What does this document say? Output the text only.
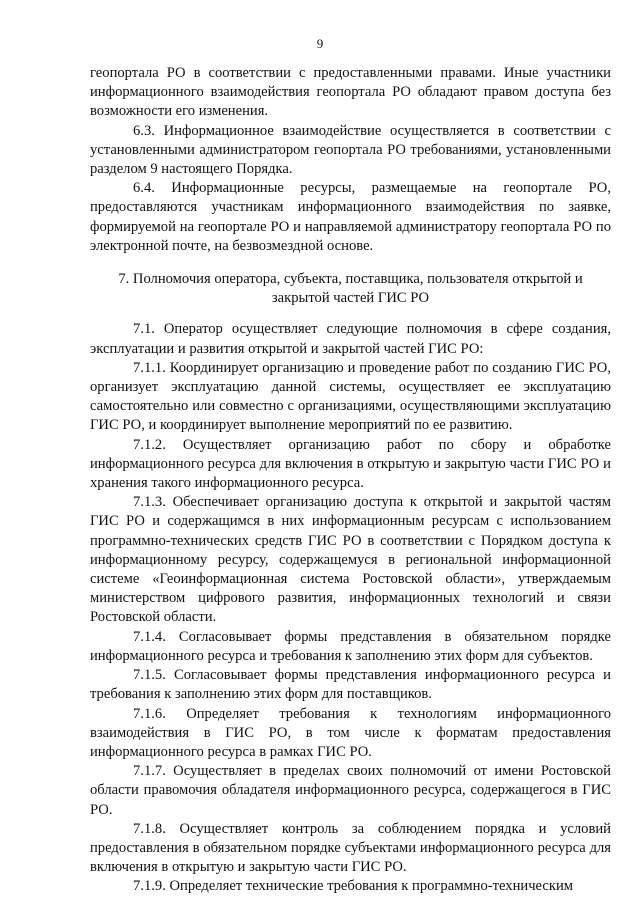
9

геопортала РО в соответствии с предоставленными правами. Иные участники информационного взаимодействия геопортала РО обладают правом доступа без возможности его изменения.

6.3. Информационное взаимодействие осуществляется в соответствии с установленными администратором геопортала РО требованиями, установленными разделом 9 настоящего Порядка.

6.4. Информационные ресурсы, размещаемые на геопортале РО, предоставляются участникам информационного взаимодействия по заявке, формируемой на геопортале РО и направляемой администратору геопортала РО по электронной почте, на безвозмездной основе.

7. Полномочия оператора, субъекта, поставщика, пользователя открытой и закрытой частей ГИС РО

7.1. Оператор осуществляет следующие полномочия в сфере создания, эксплуатации и развития открытой и закрытой частей ГИС РО:

7.1.1. Координирует организацию и проведение работ по созданию ГИС РО, организует эксплуатацию данной системы, осуществляет ее эксплуатацию самостоятельно или совместно с организациями, осуществляющими эксплуатацию ГИС РО, и координирует выполнение мероприятий по ее развитию.

7.1.2. Осуществляет организацию работ по сбору и обработке информационного ресурса для включения в открытую и закрытую части ГИС РО и хранения такого информационного ресурса.

7.1.3. Обеспечивает организацию доступа к открытой и закрытой частям ГИС РО и содержащимся в них информационным ресурсам с использованием программно-технических средств ГИС РО в соответствии с Порядком доступа к информационному ресурсу, содержащемуся в региональной информационной системе «Геоинформационная система Ростовской области», утверждаемым министерством цифрового развития, информационных технологий и связи Ростовской области.

7.1.4. Согласовывает формы представления в обязательном порядке информационного ресурса и требования к заполнению этих форм для субъектов.

7.1.5. Согласовывает формы представления информационного ресурса и требования к заполнению этих форм для поставщиков.

7.1.6. Определяет требования к технологиям информационного взаимодействия в ГИС РО, в том числе к форматам предоставления информационного ресурса в рамках ГИС РО.

7.1.7. Осуществляет в пределах своих полномочий от имени Ростовской области правомочия обладателя информационного ресурса, содержащегося в ГИС РО.

7.1.8. Осуществляет контроль за соблюдением порядка и условий предоставления в обязательном порядке субъектами информационного ресурса для включения в открытую и закрытую части ГИС РО.

7.1.9. Определяет технические требования к программно-техническим
